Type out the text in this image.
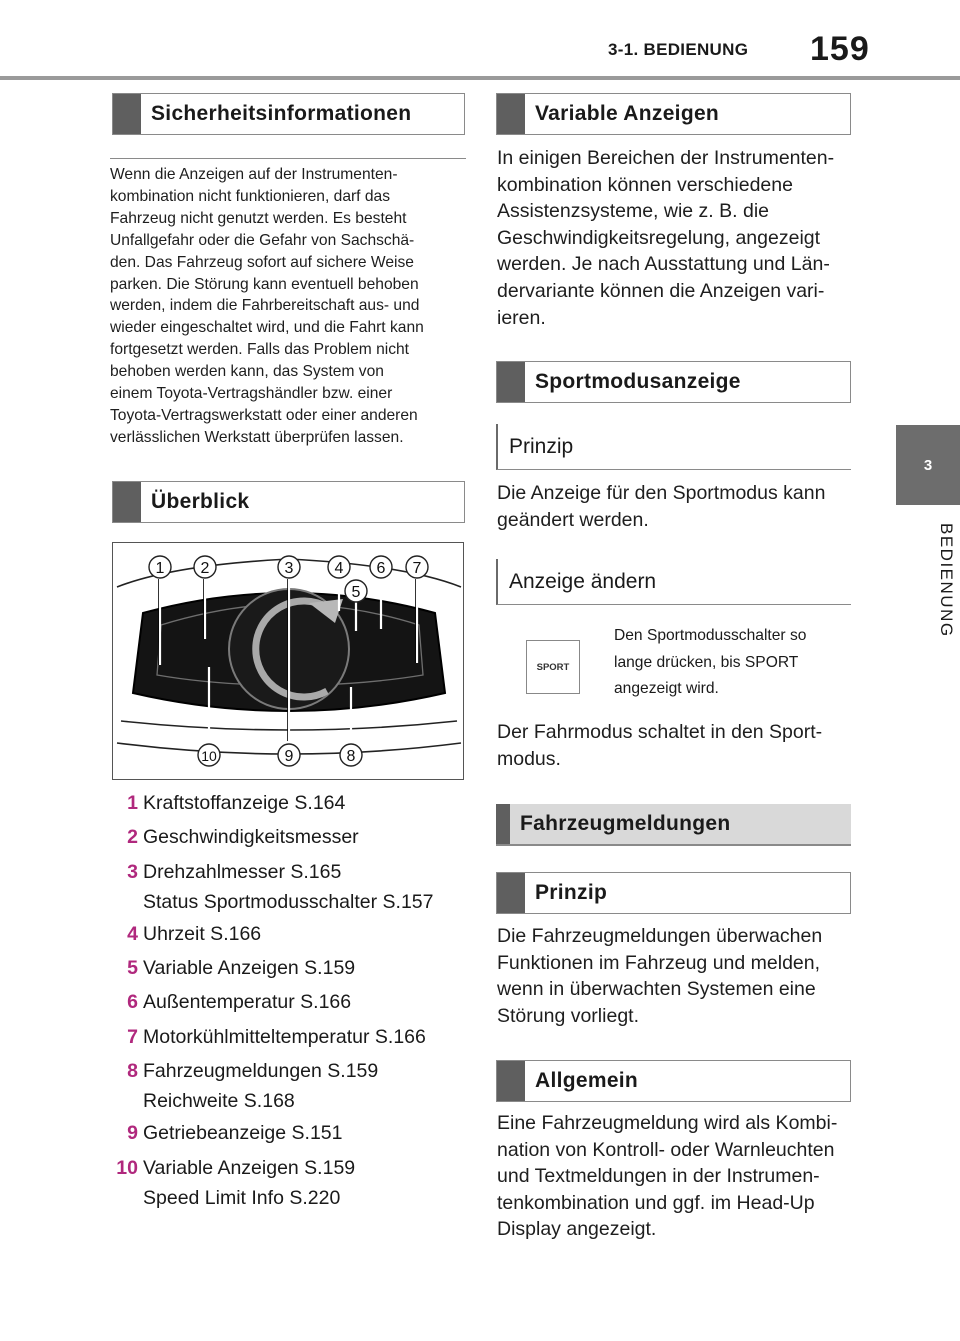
3-1. BEDIENUNG 159
3
BEDIENUNG
Sicherheitsinformationen
Wenn die Anzeigen auf der Instrumenten-
kombination nicht funktionieren, darf das
Fahrzeug nicht genutzt werden. Es besteht
Unfallgefahr oder die Gefahr von Sachschä-
den. Das Fahrzeug sofort auf sichere Weise
parken. Die Störung kann eventuell behoben
werden, indem die Fahrbereitschaft aus- und
wieder eingeschaltet wird, und die Fahrt kann
fortgesetzt werden. Falls das Problem nicht
behoben werden kann, das System von
einem Toyota-Vertragshändler bzw. einer
Toyota-Vertragswerkstatt oder einer anderen
verlässlichen Werkstatt überprüfen lassen.
Überblick
1 2	3	4
5
6 7
8
9
10
1 Kraftstoffanzeige S.164
2 Geschwindigkeitsmesser
3 Drehzahlmesser S.165
Status Sportmodusschalter S.157
4 Uhrzeit S.166
5 Variable Anzeigen S.159
6 Außentemperatur S.166
7 Motorkühlmitteltemperatur S.166
8 Fahrzeugmeldungen S.159
Reichweite S.168
9 Getriebeanzeige S.151
10 Variable Anzeigen S.159
Speed Limit Info S.220
Variable Anzeigen
In einigen Bereichen der Instrumenten-
kombination können verschiedene
Assistenzsysteme, wie z. B. die
Geschwindigkeitsregelung, angezeigt
werden. Je nach Ausstattung und Län-
dervariante können die Anzeigen vari-
ieren.
Sportmodusanzeige
Prinzip
Die Anzeige für den Sportmodus kann
geändert werden.
Anzeige ändern
SPORT
Den Sportmodusschalter so
lange drücken, bis SPORT
angezeigt wird.
Der Fahrmodus schaltet in den Sport-
modus.
Fahrzeugmeldungen
Prinzip
Die Fahrzeugmeldungen überwachen
Funktionen im Fahrzeug und melden,
wenn in überwachten Systemen eine
Störung vorliegt.
Allgemein
Eine Fahrzeugmeldung wird als Kombi-
nation von Kontroll- oder Warnleuchten
und Textmeldungen in der Instrumen-
tenkombination und ggf. im Head-Up
Display angezeigt.
